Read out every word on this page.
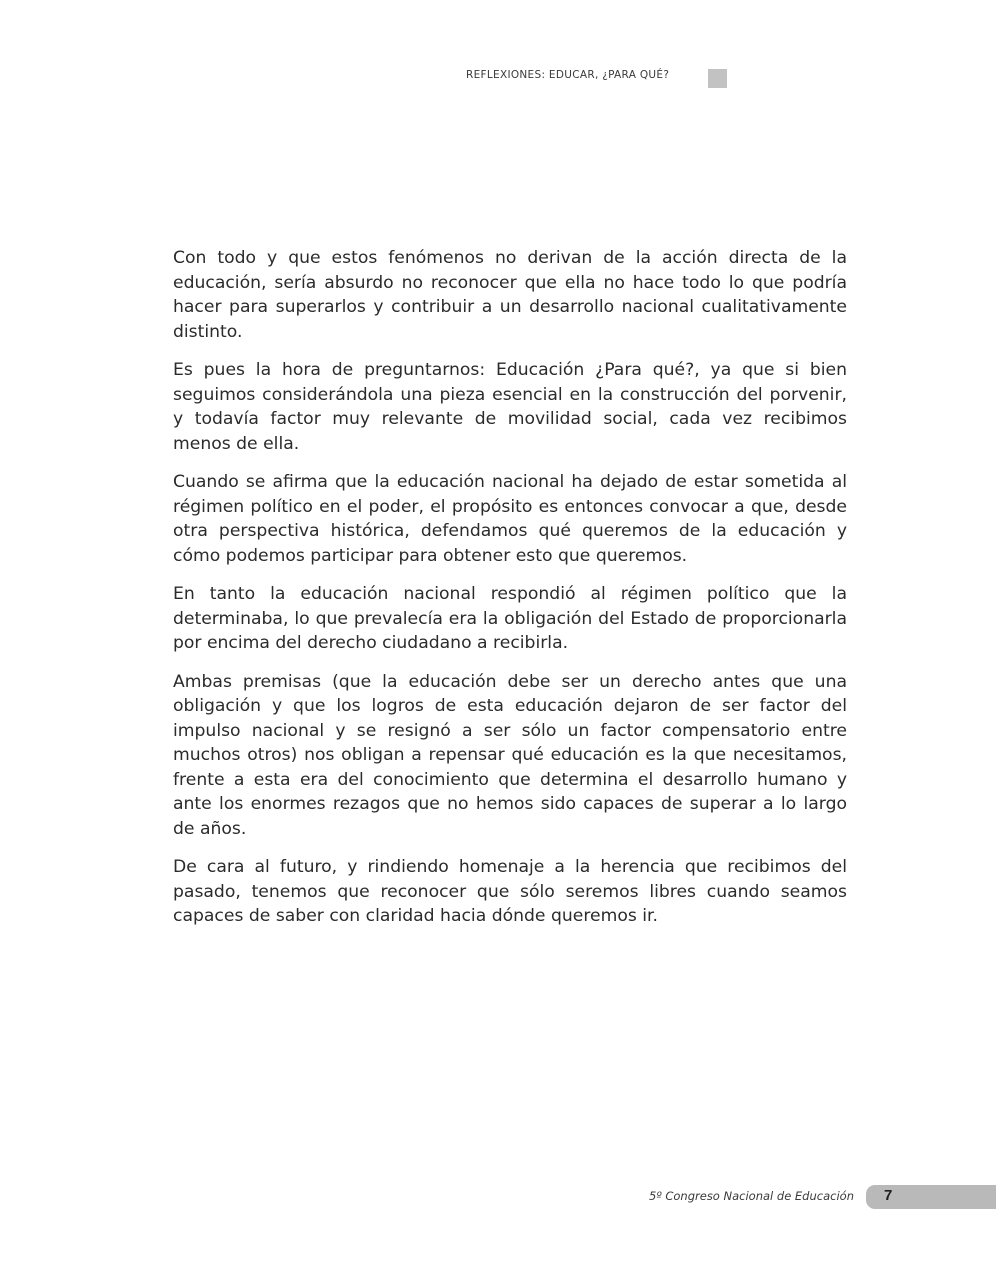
REFLEXIONES: EDUCAR, ¿PARA QUÉ?

Con todo y que estos fenómenos no derivan de la acción directa de la educación, sería absurdo no reconocer que ella no hace todo lo que podría hacer para superarlos y contribuir a un desarrollo nacional cualitativamente distinto.

Es pues la hora de preguntarnos: Educación ¿Para qué?, ya que si bien seguimos considerándola una pieza esencial en la construcción del porvenir, y todavía factor muy relevante de movilidad social, cada vez recibimos menos de ella.

Cuando se afirma que la educación nacional ha dejado de estar sometida al régimen político en el poder, el propósito es entonces convocar a que, desde otra perspectiva histórica, defendamos qué queremos de la educación y cómo podemos participar para obtener esto que queremos.

En tanto la educación nacional respondió al régimen político que la determinaba, lo que prevalecía era la obligación del Estado de proporcionarla por encima del derecho ciudadano a recibirla.

Ambas premisas (que la educación debe ser un derecho antes que una obligación y que los logros de esta educación dejaron de ser factor del impulso nacional y se resignó a ser sólo un factor compensatorio entre muchos otros) nos obligan a repensar qué educación es la que necesitamos, frente a esta era del conocimiento que determina el desarrollo humano y ante los enormes rezagos que no hemos sido capaces de superar a lo largo de años.

De cara al futuro, y rindiendo homenaje a la herencia que recibimos del pasado, tenemos que reconocer que sólo seremos libres cuando seamos capaces de saber con claridad hacia dónde queremos ir.

5º Congreso Nacional de Educación 7
